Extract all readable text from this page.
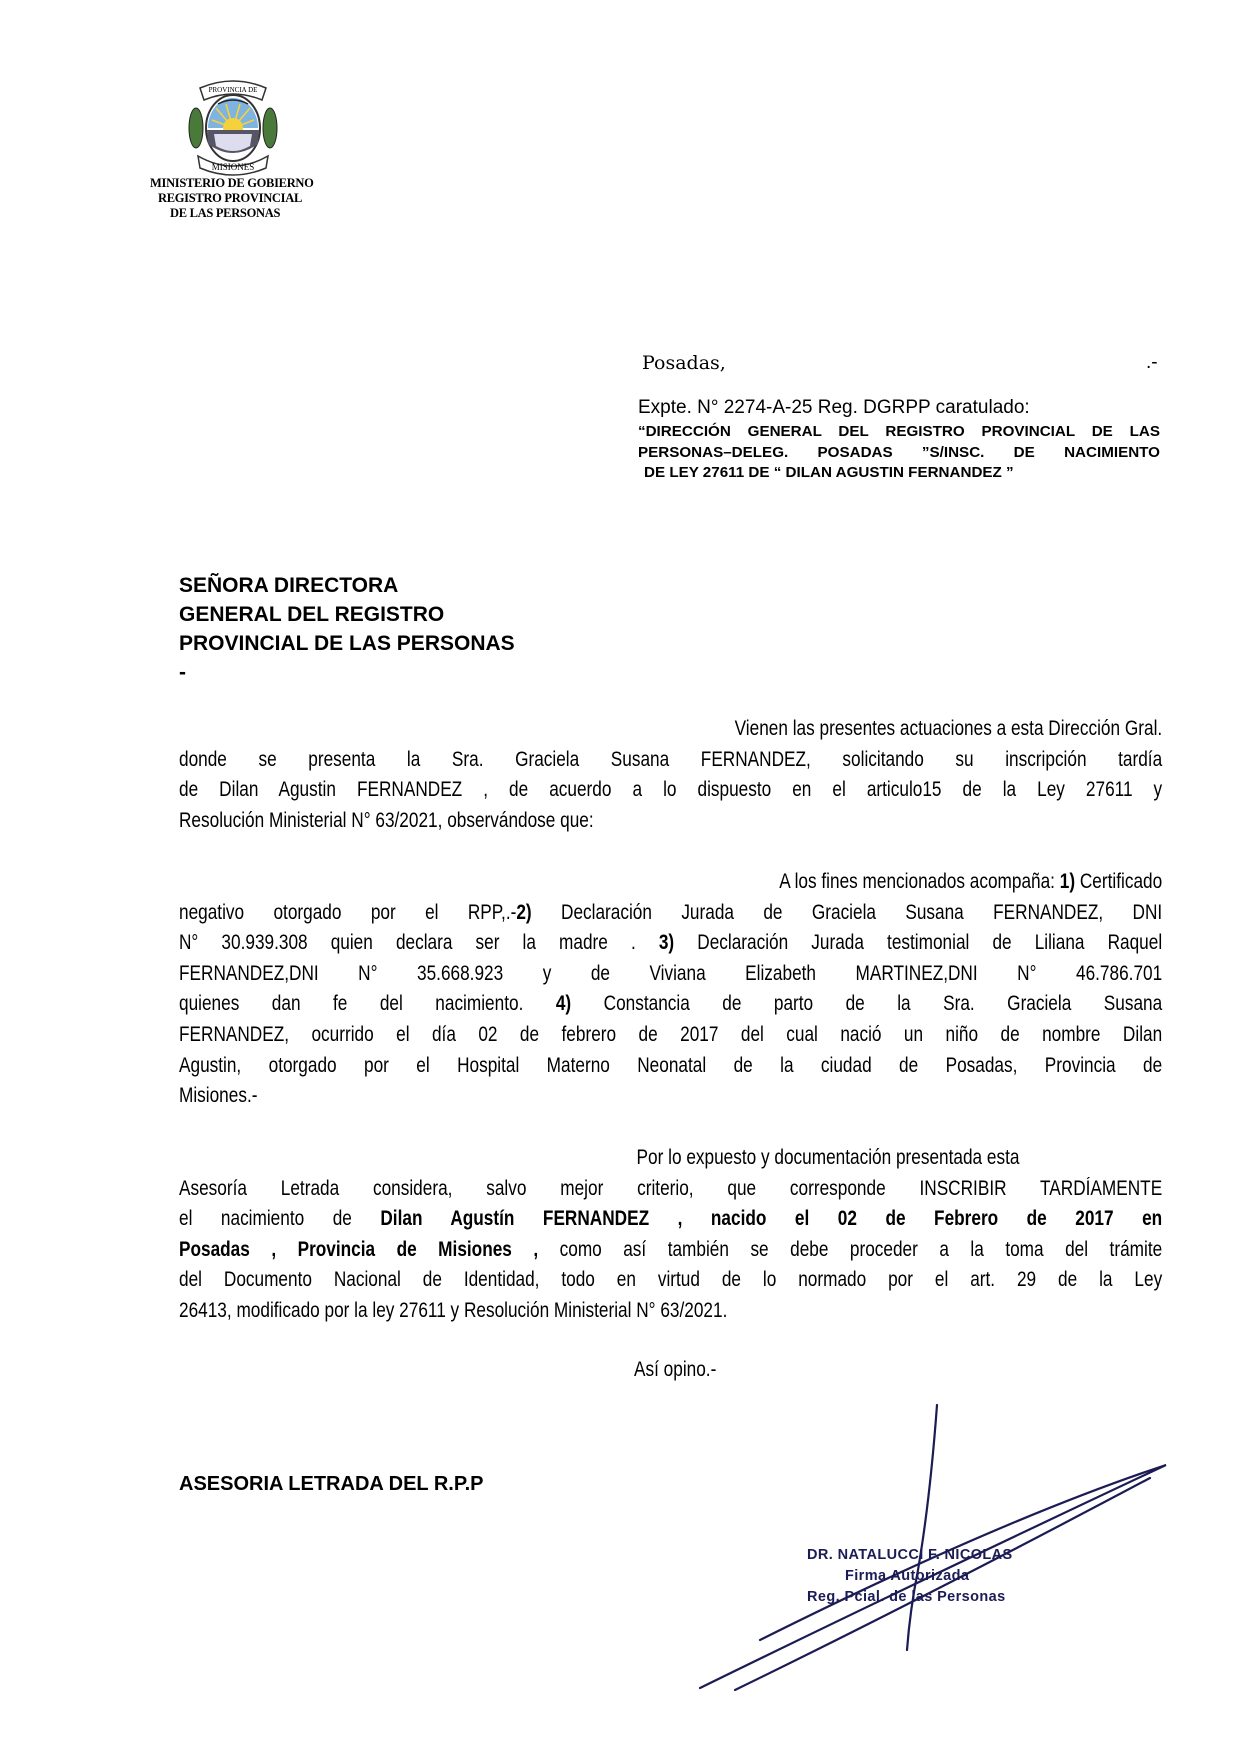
PROVINCIA DE
MISIONES
MINISTERIO DE GOBIERNO
REGISTRO PROVINCIAL
DE LAS PERSONAS
Posadas,	.-
Expte. N° 2274-A-25 Reg. DGRPP caratulado:
“DIRECCIÓN GENERAL DEL REGISTRO PROVINCIAL DE LAS
PERSONAS–DELEG. POSADAS ”S/INSC. DE NACIMIENTO
DE LEY 27611 DE “ DILAN AGUSTIN FERNANDEZ ”
SEÑORA DIRECTORA
GENERAL DEL REGISTRO
PROVINCIAL DE LAS PERSONAS
-
Vienen las presentes actuaciones a esta Dirección Gral.
donde se presenta la Sra. Graciela Susana FERNANDEZ, solicitando su inscripción tardía
de Dilan Agustin FERNANDEZ , de acuerdo a lo dispuesto en el articulo15 de la Ley 27611 y
Resolución Ministerial N° 63/2021, observándose que:
A los fines mencionados acompaña: 1) Certificado
negativo otorgado por el RPP,.-2) Declaración Jurada de Graciela Susana FERNANDEZ, DNI
N° 30.939.308 quien declara ser la madre . 3) Declaración Jurada testimonial de Liliana Raquel
FERNANDEZ,DNI N° 35.668.923 y de Viviana Elizabeth MARTINEZ,DNI N° 46.786.701
quienes dan fe del nacimiento. 4) Constancia de parto de la Sra. Graciela Susana
FERNANDEZ, ocurrido el día 02 de febrero de 2017 del cual nació un niño de nombre Dilan
Agustin, otorgado por el Hospital Materno Neonatal de la ciudad de Posadas, Provincia de
Misiones.-
Por lo expuesto y documentación presentada esta
Asesoría Letrada considera, salvo mejor criterio, que corresponde INSCRIBIR TARDÍAMENTE
el nacimiento de Dilan Agustín FERNANDEZ , nacido el 02 de Febrero de 2017 en
Posadas , Provincia de Misiones , como así también se debe proceder a la toma del trámite
del Documento Nacional de Identidad, todo en virtud de lo normado por el art. 29 de la Ley
26413, modificado por la ley 27611 y Resolución Ministerial N° 63/2021.
Así opino.-
ASESORIA LETRADA DEL R.P.P
DR. NATALUCCI F. NICOLAS
Firma Autorizada
Reg. Pcial. de las Personas
